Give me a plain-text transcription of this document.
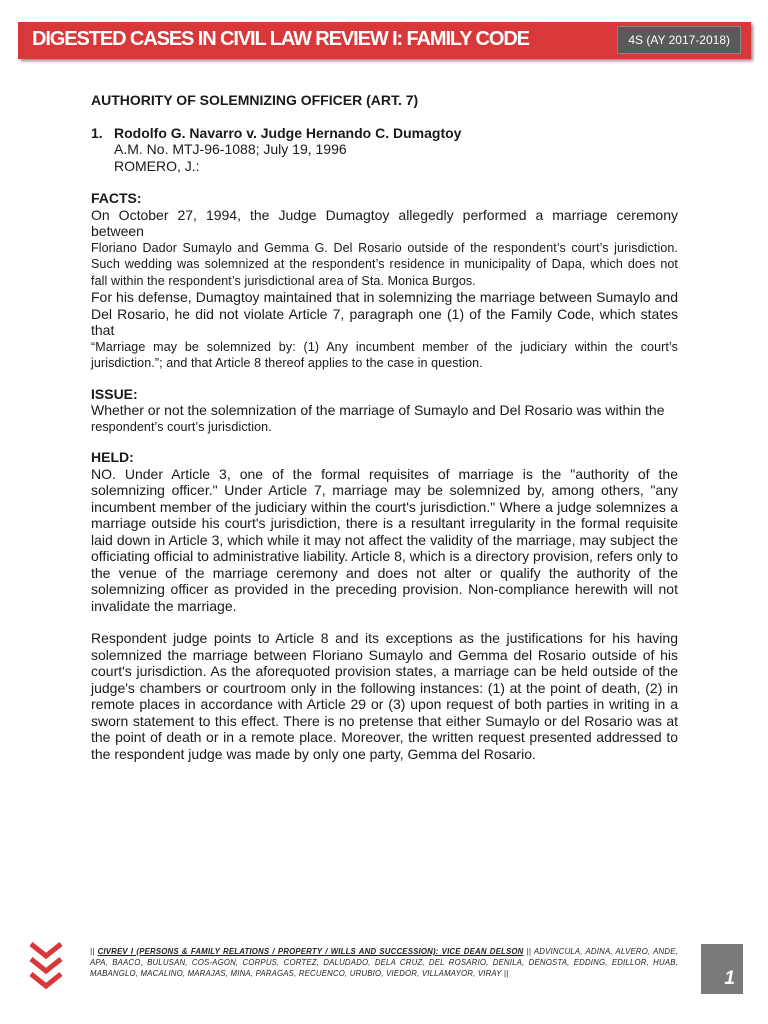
DIGESTED CASES IN CIVIL LAW REVIEW I: FAMILY CODE	4S (AY 2017-2018)
AUTHORITY OF SOLEMNIZING OFFICER (ART. 7)
1. Rodolfo G. Navarro v. Judge Hernando C. Dumagtoy
A.M. No. MTJ-96-1088; July 19, 1996
ROMERO, J.:
FACTS:

On October 27, 1994, the Judge Dumagtoy allegedly performed a marriage ceremony between

Floriano Dador Sumaylo and Gemma G. Del Rosario outside of the respondent’s court’s jurisdiction. Such wedding was solemnized at the respondent’s residence in municipality of Dapa, which does not fall within the respondent’s jurisdictional area of Sta. Monica Burgos.

For his defense, Dumagtoy maintained that in solemnizing the marriage between Sumaylo and Del Rosario, he did not violate Article 7, paragraph one (1) of the Family Code, which states that

“Marriage may be solemnized by: (1) Any incumbent member of the judiciary within the court’s jurisdiction.”; and that Article 8 thereof applies to the case in question.

ISSUE:

Whether or not the solemnization of the marriage of Sumaylo and Del Rosario was within the

respondent’s court’s jurisdiction.

HELD:

NO. Under Article 3, one of the formal requisites of marriage is the "authority of the solemnizing officer." Under Article 7, marriage may be solemnized by, among others, "any incumbent member of the judiciary within the court's jurisdiction." Where a judge solemnizes a marriage outside his court's jurisdiction, there is a resultant irregularity in the formal requisite laid down in Article 3, which while it may not affect the validity of the marriage, may subject the officiating official to administrative liability. Article 8, which is a directory provision, refers only to the venue of the marriage ceremony and does not alter or qualify the authority of the solemnizing officer as provided in the preceding provision. Non-compliance herewith will not invalidate the marriage.

Respondent judge points to Article 8 and its exceptions as the justifications for his having solemnized the marriage between Floriano Sumaylo and Gemma del Rosario outside of his court's jurisdiction. As the aforequoted provision states, a marriage can be held outside of the judge's chambers or courtroom only in the following instances: (1) at the point of death, (2) in remote places in accordance with Article 29 or (3) upon request of both parties in writing in a sworn statement to this effect. There is no pretense that either Sumaylo or del Rosario was at the point of death or in a remote place. Moreover, the written request presented addressed to the respondent judge was made by only one party, Gemma del Rosario.

|| CIVREV I (PERSONS & FAMILY RELATIONS / PROPERTY / WILLS AND SUCCESSION): VICE DEAN DELSON || ADVINCULA, ADINA, ALVERO, ANDE, APA, BAACO, BULUSAN, COS-AGON, CORPUS, CORTEZ, DALUDADO, DELA CRUZ, DEL ROSARIO, DENILA, DENOSTA, EDDING, EDILLOR, HUAB, MABANGLO, MACALINO, MARAJAS, MINA, PARAGAS, RECUENCO, URUBIO, VIEDOR, VILLAMAYOR, VIRAY ||	1
